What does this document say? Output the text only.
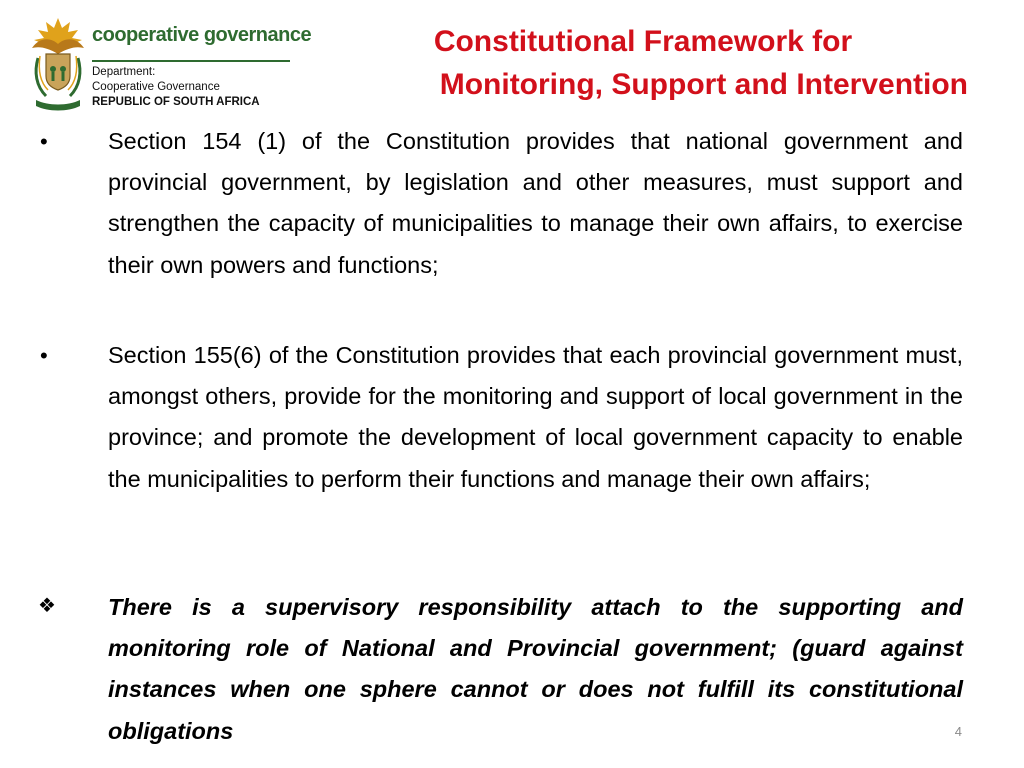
cooperative governance
Department:
Cooperative Governance
REPUBLIC OF SOUTH AFRICA
Constitutional Framework for
Monitoring, Support and Intervention
•	Section 154 (1) of the Constitution provides that national government and provincial government, by legislation and other measures, must support and strengthen the capacity of municipalities to manage their own affairs, to exercise their own powers and functions;
•	Section 155(6) of the Constitution provides that each provincial government must, amongst others, provide for the monitoring and support of local government in the province; and promote the development of local government capacity to enable the municipalities to perform their functions and manage their own affairs;
❖ There is a supervisory responsibility attach to the supporting and monitoring role of National and Provincial government; (guard against instances when one sphere cannot or does not fulfill its constitutional obligations	4
